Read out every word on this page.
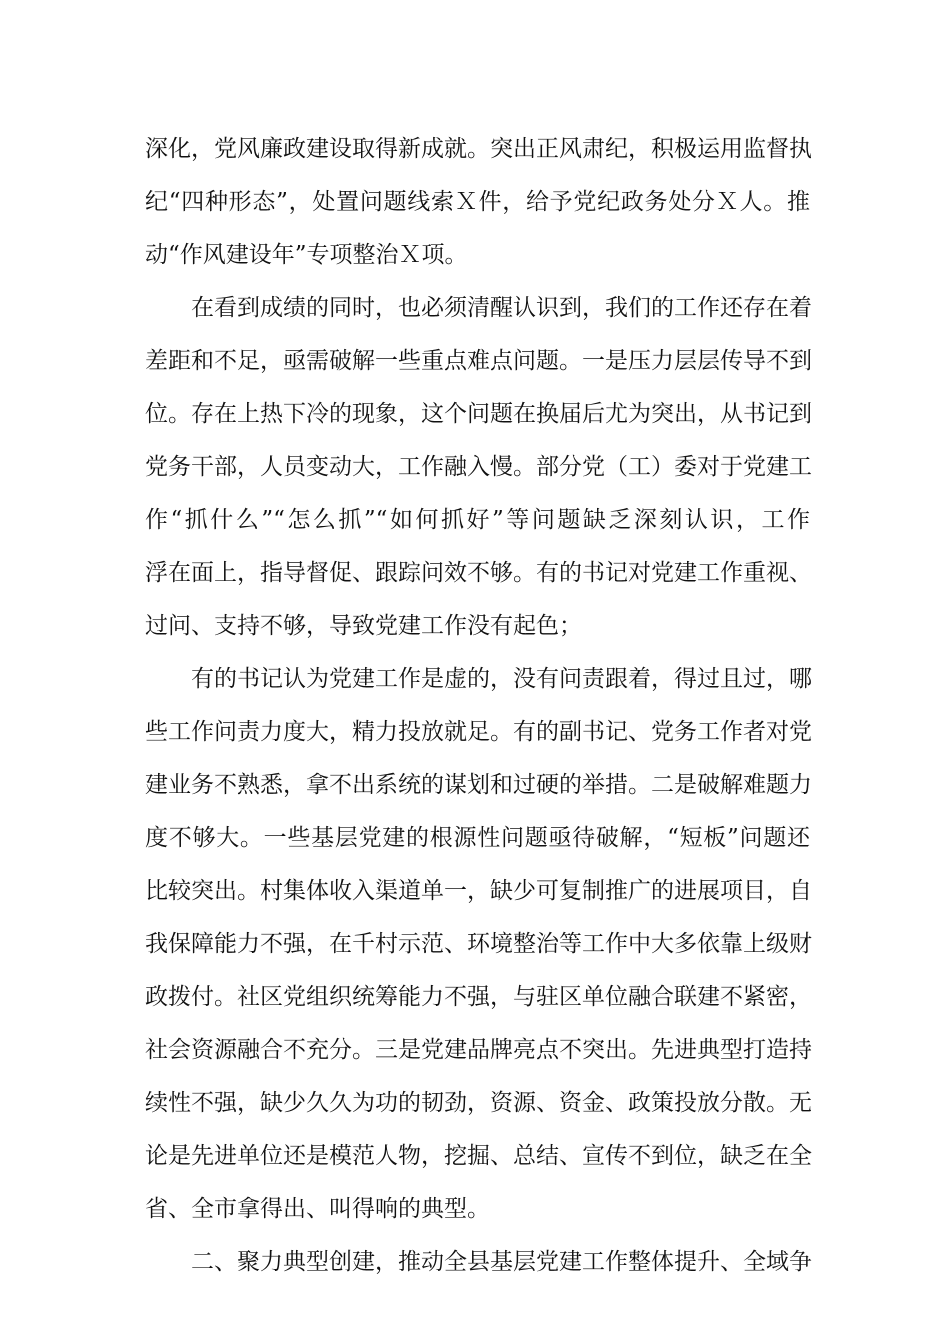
深化，党风廉政建设取得新成就。突出正风肃纪，积极运用监督执

纪“四种形态”，处置问题线索Ｘ件，给予党纪政务处分Ｘ人。推

动“作风建设年”专项整治Ｘ项。

在看到成绩的同时，也必须清醒认识到，我们的工作还存在着

差距和不足，亟需破解一些重点难点问题。一是压力层层传导不到

位。存在上热下冷的现象，这个问题在换届后尤为突出，从书记到

党务干部，人员变动大，工作融入慢。部分党（工）委对于党建工

作“抓什么”“怎么抓”“如何抓好”等问题缺乏深刻认识，工作

浮在面上，指导督促、跟踪问效不够。有的书记对党建工作重视、

过问、支持不够，导致党建工作没有起色；

有的书记认为党建工作是虚的，没有问责跟着，得过且过，哪

些工作问责力度大，精力投放就足。有的副书记、党务工作者对党

建业务不熟悉，拿不出系统的谋划和过硬的举措。二是破解难题力

度不够大。一些基层党建的根源性问题亟待破解，“短板”问题还

比较突出。村集体收入渠道单一，缺少可复制推广的进展项目，自

我保障能力不强，在千村示范、环境整治等工作中大多依靠上级财

政拨付。社区党组织统筹能力不强，与驻区单位融合联建不紧密，

社会资源融合不充分。三是党建品牌亮点不突出。先进典型打造持

续性不强，缺少久久为功的韧劲，资源、资金、政策投放分散。无

论是先进单位还是模范人物，挖掘、总结、宣传不到位，缺乏在全

省、全市拿得出、叫得响的典型。

二、聚力典型创建，推动全县基层党建工作整体提升、全域争
